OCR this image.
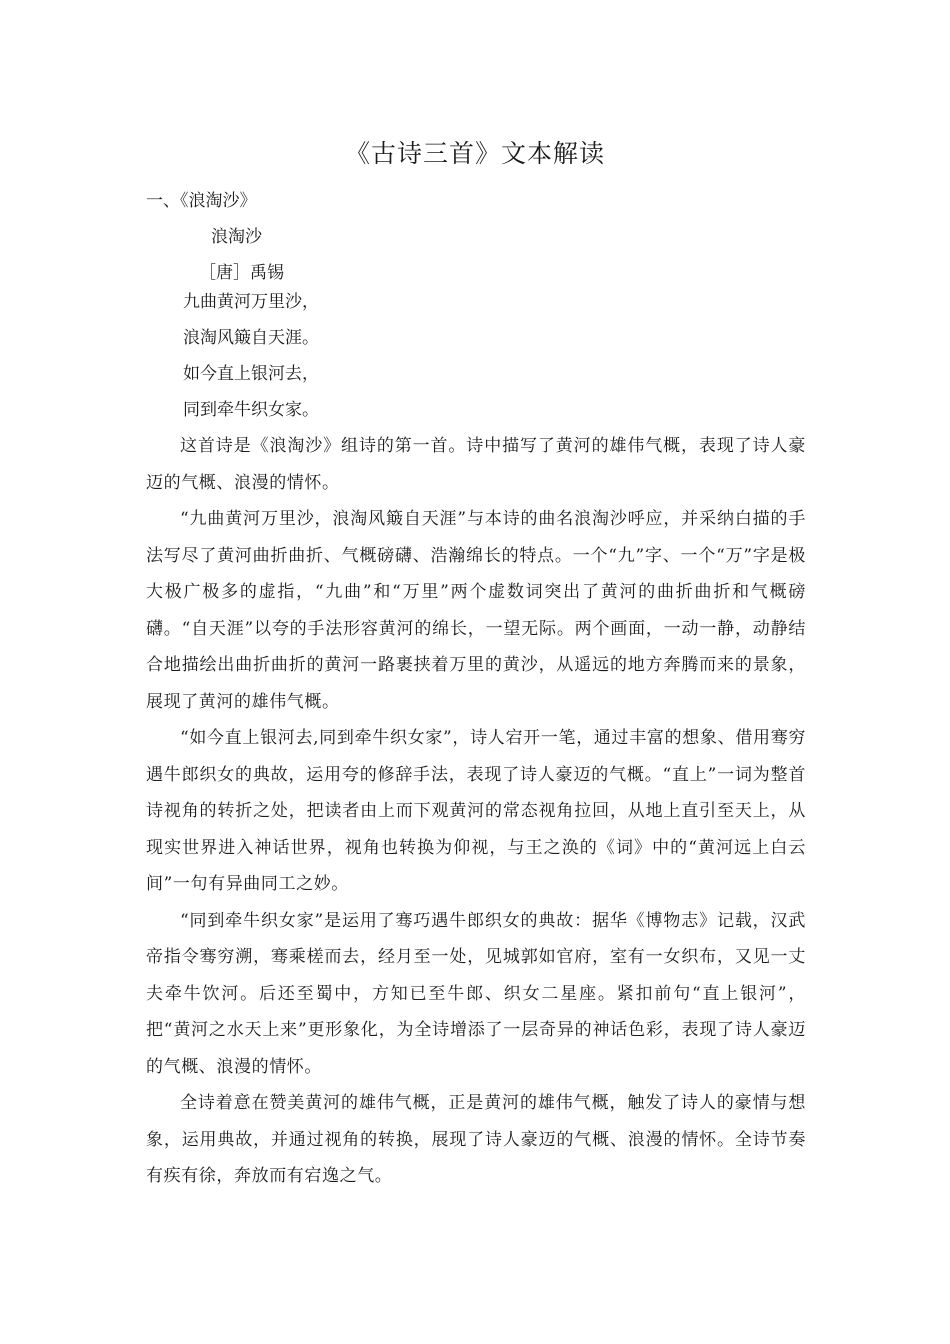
《古诗三首》文本解读
一、《浪淘沙》
浪淘沙
［唐］禹锡
九曲黄河万里沙，
浪淘风簸自天涯。
如今直上银河去，
同到牵牛织女家。

这首诗是《浪淘沙》组诗的第一首。诗中描写了黄河的雄伟气概，表现了诗人豪迈的气概、浪漫的情怀。

“九曲黄河万里沙，浪淘风簸自天涯”与本诗的曲名浪淘沙呼应，并采纳白描的手法写尽了黄河曲折曲折、气概磅礴、浩瀚绵长的特点。一个“九”字、一个“万”字是极大极广极多的虚指，“九曲”和“万里”两个虚数词突出了黄河的曲折曲折和气概磅礴。“自天涯”以夸的手法形容黄河的绵长，一望无际。两个画面，一动一静，动静结合地描绘出曲折曲折的黄河一路裹挟着万里的黄沙，从遥远的地方奔腾而来的景象，展现了黄河的雄伟气概。

“如今直上银河去,同到牵牛织女家”，诗人宕开一笔，通过丰富的想象、借用骞穷遇牛郎织女的典故，运用夸的修辞手法，表现了诗人豪迈的气概。“直上”一词为整首诗视角的转折之处，把读者由上而下观黄河的常态视角拉回，从地上直引至天上，从现实世界进入神话世界，视角也转换为仰视，与王之涣的《词》中的“黄河远上白云间”一句有异曲同工之妙。

“同到牵牛织女家”是运用了骞巧遇牛郎织女的典故：据华《博物志》记载，汉武帝指令骞穷溯，骞乘槎而去，经月至一处，见城郭如官府，室有一女织布，又见一丈夫牵牛饮河。后还至蜀中，方知已至牛郎、织女二星座。紧扣前句“直上银河”，把“黄河之水天上来”更形象化，为全诗增添了一层奇异的神话色彩，表现了诗人豪迈的气概、浪漫的情怀。

全诗着意在赞美黄河的雄伟气概，正是黄河的雄伟气概，触发了诗人的豪情与想象，运用典故，并通过视角的转换，展现了诗人豪迈的气概、浪漫的情怀。全诗节奏有疾有徐，奔放而有宕逸之气。
